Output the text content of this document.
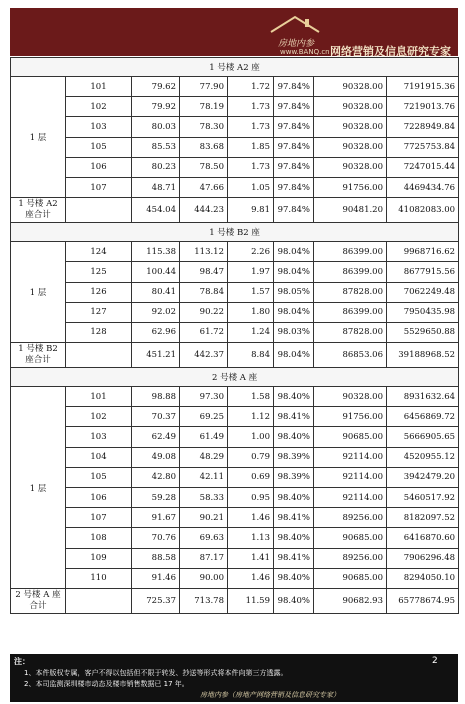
房地内参
www.BANQ.cn 网络营销及信息研究专家
1 号楼 A2 座							
1 层	101	79.62	77.90	1.72	97.84%	90328.00	7191915.36
	102	79.92	78.19	1.73	97.84%	90328.00	7219013.76
	103	80.03	78.30	1.73	97.84%	90328.00	7228949.84
	105	85.53	83.68	1.85	97.84%	90328.00	7725753.84
	106	80.23	78.50	1.73	97.84%	90328.00	7247015.44
	107	48.71	47.66	1.05	97.84%	91756.00	4469434.76
1 号楼 A2 座合计		454.04	444.23	9.81	97.84%	90481.20	41082083.00
1 号楼 B2 座							
1 层	124	115.38	113.12	2.26	98.04%	86399.00	9968716.62
	125	100.44	98.47	1.97	98.04%	86399.00	8677915.56
	126	80.41	78.84	1.57	98.05%	87828.00	7062249.48
	127	92.02	90.22	1.80	98.04%	86399.00	7950435.98
	128	62.96	61.72	1.24	98.03%	87828.00	5529650.88
1 号楼 B2 座合计		451.21	442.37	8.84	98.04%	86853.06	39188968.52
2 号楼 A 座							
1 层	101	98.88	97.30	1.58	98.40%	90328.00	8931632.64
	102	70.37	69.25	1.12	98.41%	91756.00	6456869.72
	103	62.49	61.49	1.00	98.40%	90685.00	5666905.65
	104	49.08	48.29	0.79	98.39%	92114.00	4520955.12
	105	42.80	42.11	0.69	98.39%	92114.00	3942479.20
	106	59.28	58.33	0.95	98.40%	92114.00	5460517.92
	107	91.67	90.21	1.46	98.41%	89256.00	8182097.52
	108	70.76	69.63	1.13	98.40%	90685.00	6416870.60
	109	88.58	87.17	1.41	98.41%	89256.00	7906296.48
	110	91.46	90.00	1.46	98.40%	90685.00	8294050.10
2 号楼 A 座合计		725.37	713.78	11.59	98.40%	90682.93	65778674.95
注：
1、本件版权专属，客户不得以包括但不限于转发、抄送等形式将本件向第三方透露。
2、本司监测深圳楼市动态及楼市销售数据已 17 年。
房地内参（房地产网络营销及信息研究专家）
2
